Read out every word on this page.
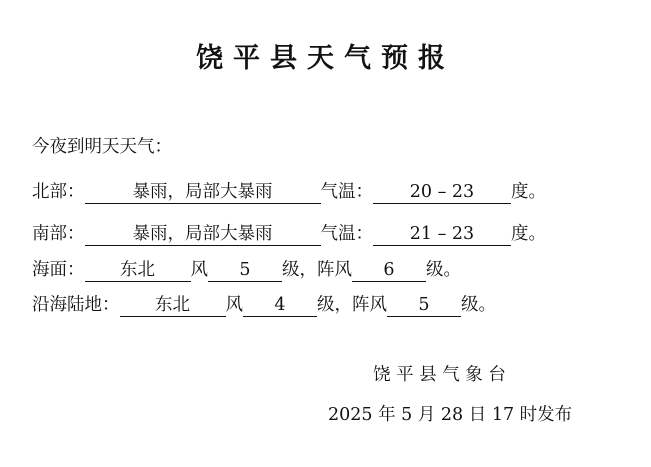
饶平县天气预报
今夜到明天天气：
北部：	暴雨，局部大暴雨	气温： 20 – 23 度。
南部：	暴雨，局部大暴雨	气温： 21 – 23 度。
海面： 东北 风 5 级，阵风 6 级。
沿海陆地： 东北 风 4 级，阵风 5 级。
饶 平 县 气 象 台
2025 年 5 月 28 日 17 时发布
